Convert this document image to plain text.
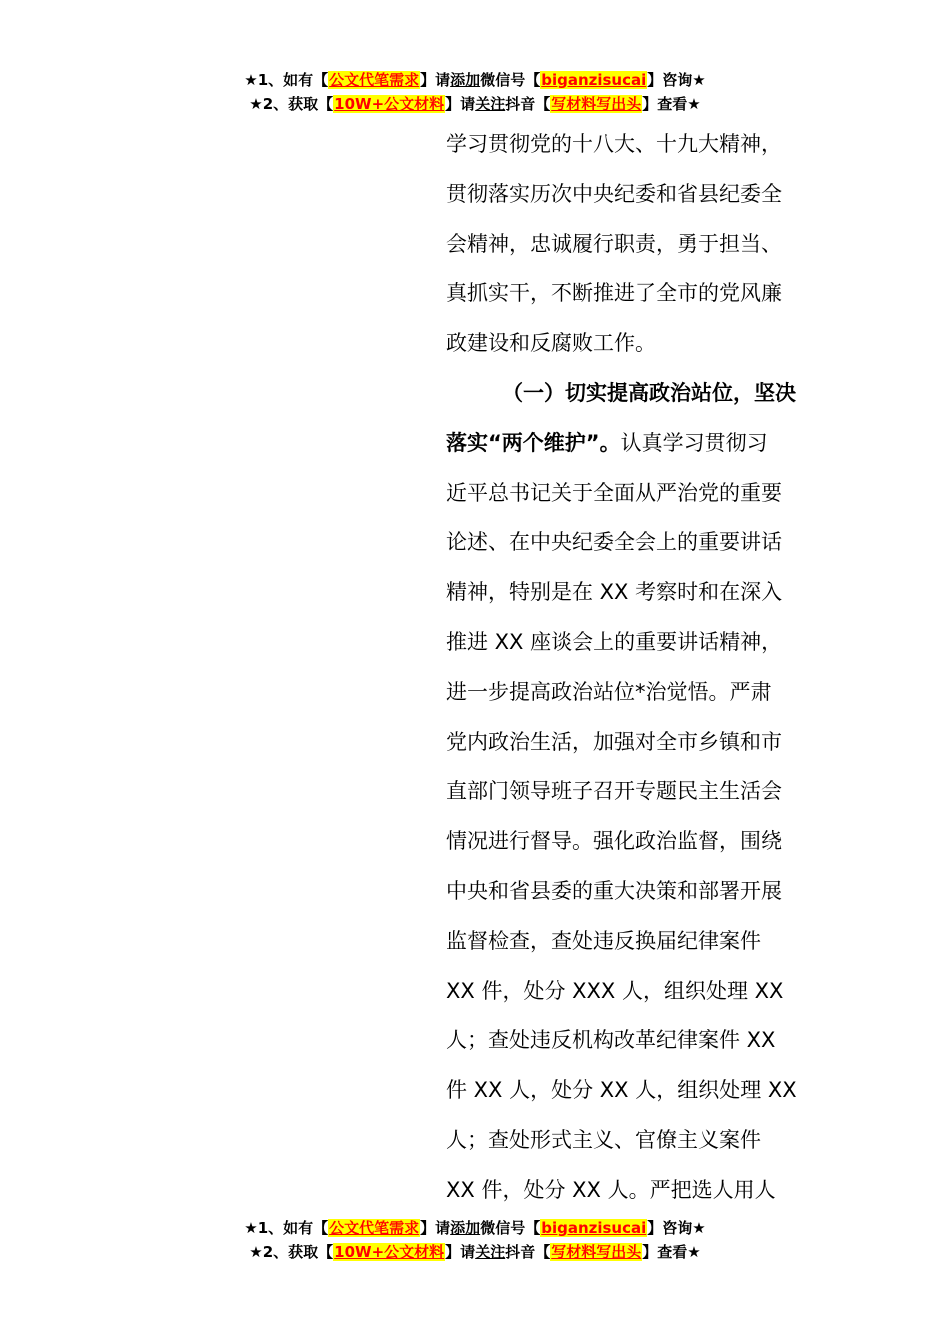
★1、如有【公文代笔需求】请添加微信号【biganzisucai】咨询★
★2、获取【10W+公文材料】请关注抖音【写材料写出头】查看★

学习贯彻党的十八大、十九大精神，

贯彻落实历次中央纪委和省县纪委全

会精神，忠诚履行职责，勇于担当、

真抓实干，不断推进了全市的党风廉

政建设和反腐败工作。

（一）切实提高政治站位，坚决

落实“两个维护”。认真学习贯彻习

近平总书记关于全面从严治党的重要

论述、在中央纪委全会上的重要讲话

精神，特别是在 XX 考察时和在深入

推进 XX 座谈会上的重要讲话精神，

进一步提高政治站位*治觉悟。严肃

党内政治生活，加强对全市乡镇和市

直部门领导班子召开专题民主生活会

情况进行督导。强化政治监督，围绕

中央和省县委的重大决策和部署开展

监督检查，查处违反换届纪律案件

XX 件，处分 XXX 人，组织处理 XX

人；查处违反机构改革纪律案件 XX

件 XX 人，处分 XX 人，组织处理 XX

人；查处形式主义、官僚主义案件

XX 件，处分 XX 人。严把选人用人

★1、如有【公文代笔需求】请添加微信号【biganzisucai】咨询★
★2、获取【10W+公文材料】请关注抖音【写材料写出头】查看★
